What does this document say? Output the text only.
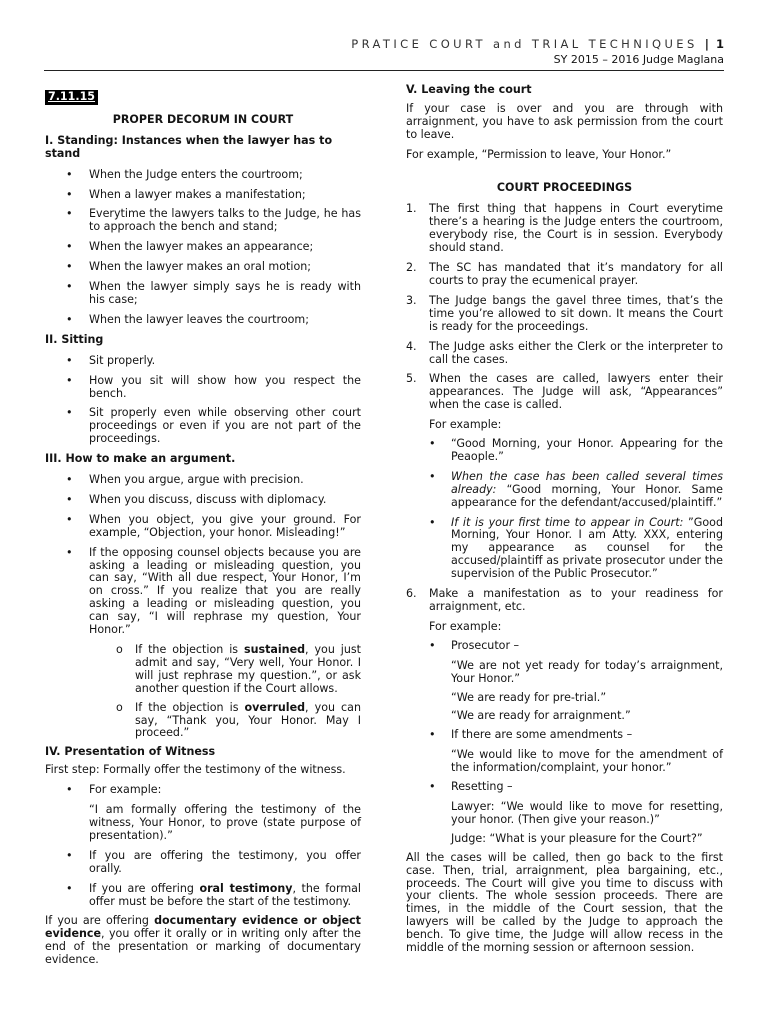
PRATICE COURT and TRIAL TECHNIQUES | 1
SY 2015 – 2016 Judge Maglana
7.11.15
PROPER DECORUM IN COURT
I. Standing: Instances when the lawyer has to stand
• When the Judge enters the courtroom;
• When a lawyer makes a manifestation;
• Everytime the lawyers talks to the Judge, he has to approach the bench and stand;
• When the lawyer makes an appearance;
• When the lawyer makes an oral motion;
• When the lawyer simply says he is ready with his case;
• When the lawyer leaves the courtroom;
II. Sitting
• Sit properly.
• How you sit will show how you respect the bench.
• Sit properly even while observing other court proceedings or even if you are not part of the proceedings.
III. How to make an argument.
• When you argue, argue with precision.
• When you discuss, discuss with diplomacy.
• When you object, you give your ground. For example, “Objection, your honor. Misleading!”
• If the opposing counsel objects because you are asking a leading or misleading question, you can say, “With all due respect, Your Honor, I’m on cross.” If you realize that you are really asking a leading or misleading question, you can say, “I will rephrase my question, Your Honor.”
o If the objection is sustained, you just admit and say, “Very well, Your Honor. I will just rephrase my question.”, or ask another question if the Court allows.
o If the objection is overruled, you can say, “Thank you, Your Honor. May I proceed.”
IV. Presentation of Witness

First step: Formally offer the testimony of the witness.

• For example:
“I am formally offering the testimony of the witness, Your Honor, to prove (state purpose of presentation).”
• If you are offering the testimony, you offer orally.
• If you are offering oral testimony, the formal offer must be before the start of the testimony.

If you are offering documentary evidence or object evidence, you offer it orally or in writing only after the end of the presentation or marking of documentary evidence.

V. Leaving the court

If your case is over and you are through with arraignment, you have to ask permission from the court to leave.

For example, “Permission to leave, Your Honor.”

COURT PROCEEDINGS
1. The first thing that happens in Court everytime there’s a hearing is the Judge enters the courtroom, everybody rise, the Court is in session. Everybody should stand.
2. The SC has mandated that it’s mandatory for all courts to pray the ecumenical prayer.
3. The Judge bangs the gavel three times, that’s the time you’re allowed to sit down. It means the Court is ready for the proceedings.
4. The Judge asks either the Clerk or the interpreter to call the cases.
5. When the cases are called, lawyers enter their appearances. The Judge will ask, “Appearances” when the case is called.
For example:
• “Good Morning, your Honor. Appearing for the Peaople.”
• When the case has been called several times already: “Good morning, Your Honor. Same appearance for the defendant/accused/plaintiff.”
• If it is your first time to appear in Court: ”Good Morning, Your Honor. I am Atty. XXX, entering my appearance as counsel for the accused/plaintiff as private prosecutor under the supervision of the Public Prosecutor.”
6. Make a manifestation as to your readiness for arraignment, etc.
For example:
• Prosecutor –
“We are not yet ready for today’s arraignment, Your Honor.”
“We are ready for pre-trial.”
“We are ready for arraignment.”
• If there are some amendments –
“We would like to move for the amendment of the information/complaint, your honor.”
• Resetting –
Lawyer: “We would like to move for resetting, your honor. (Then give your reason.)”
Judge: “What is your pleasure for the Court?”

All the cases will be called, then go back to the first case. Then, trial, arraignment, plea bargaining, etc., proceeds. The Court will give you time to discuss with your clients. The whole session proceeds. There are times, in the middle of the Court session, that the lawyers will be called by the Judge to approach the bench. To give time, the Judge will allow recess in the middle of the morning session or afternoon session.
